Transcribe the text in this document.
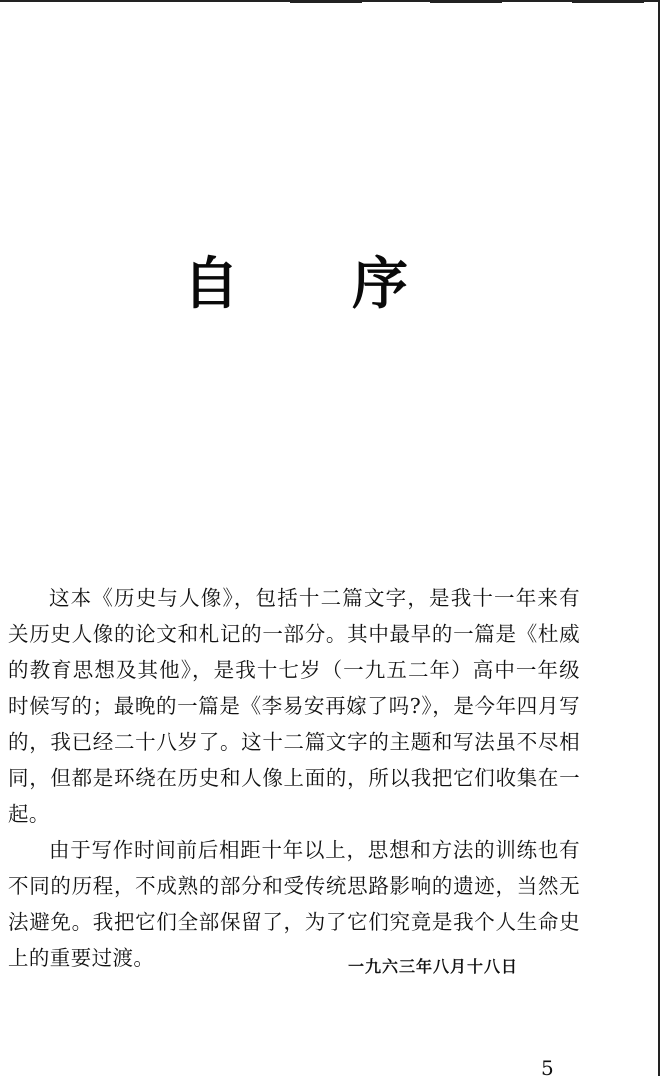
自 序

这本《历史与人像》，包括十二篇文字，是我十一年来有关历史人像的论文和札记的一部分。其中最早的一篇是《杜威的教育思想及其他》，是我十七岁（一九五二年）高中一年级时候写的；最晚的一篇是《李易安再嫁了吗?》，是今年四月写的，我已经二十八岁了。这十二篇文字的主题和写法虽不尽相同，但都是环绕在历史和人像上面的，所以我把它们收集在一起。

由于写作时间前后相距十年以上，思想和方法的训练也有不同的历程，不成熟的部分和受传统思路影响的遗迹，当然无法避免。我把它们全部保留了，为了它们究竟是我个人生命史上的重要过渡。	一九六三年八月十八日
5
